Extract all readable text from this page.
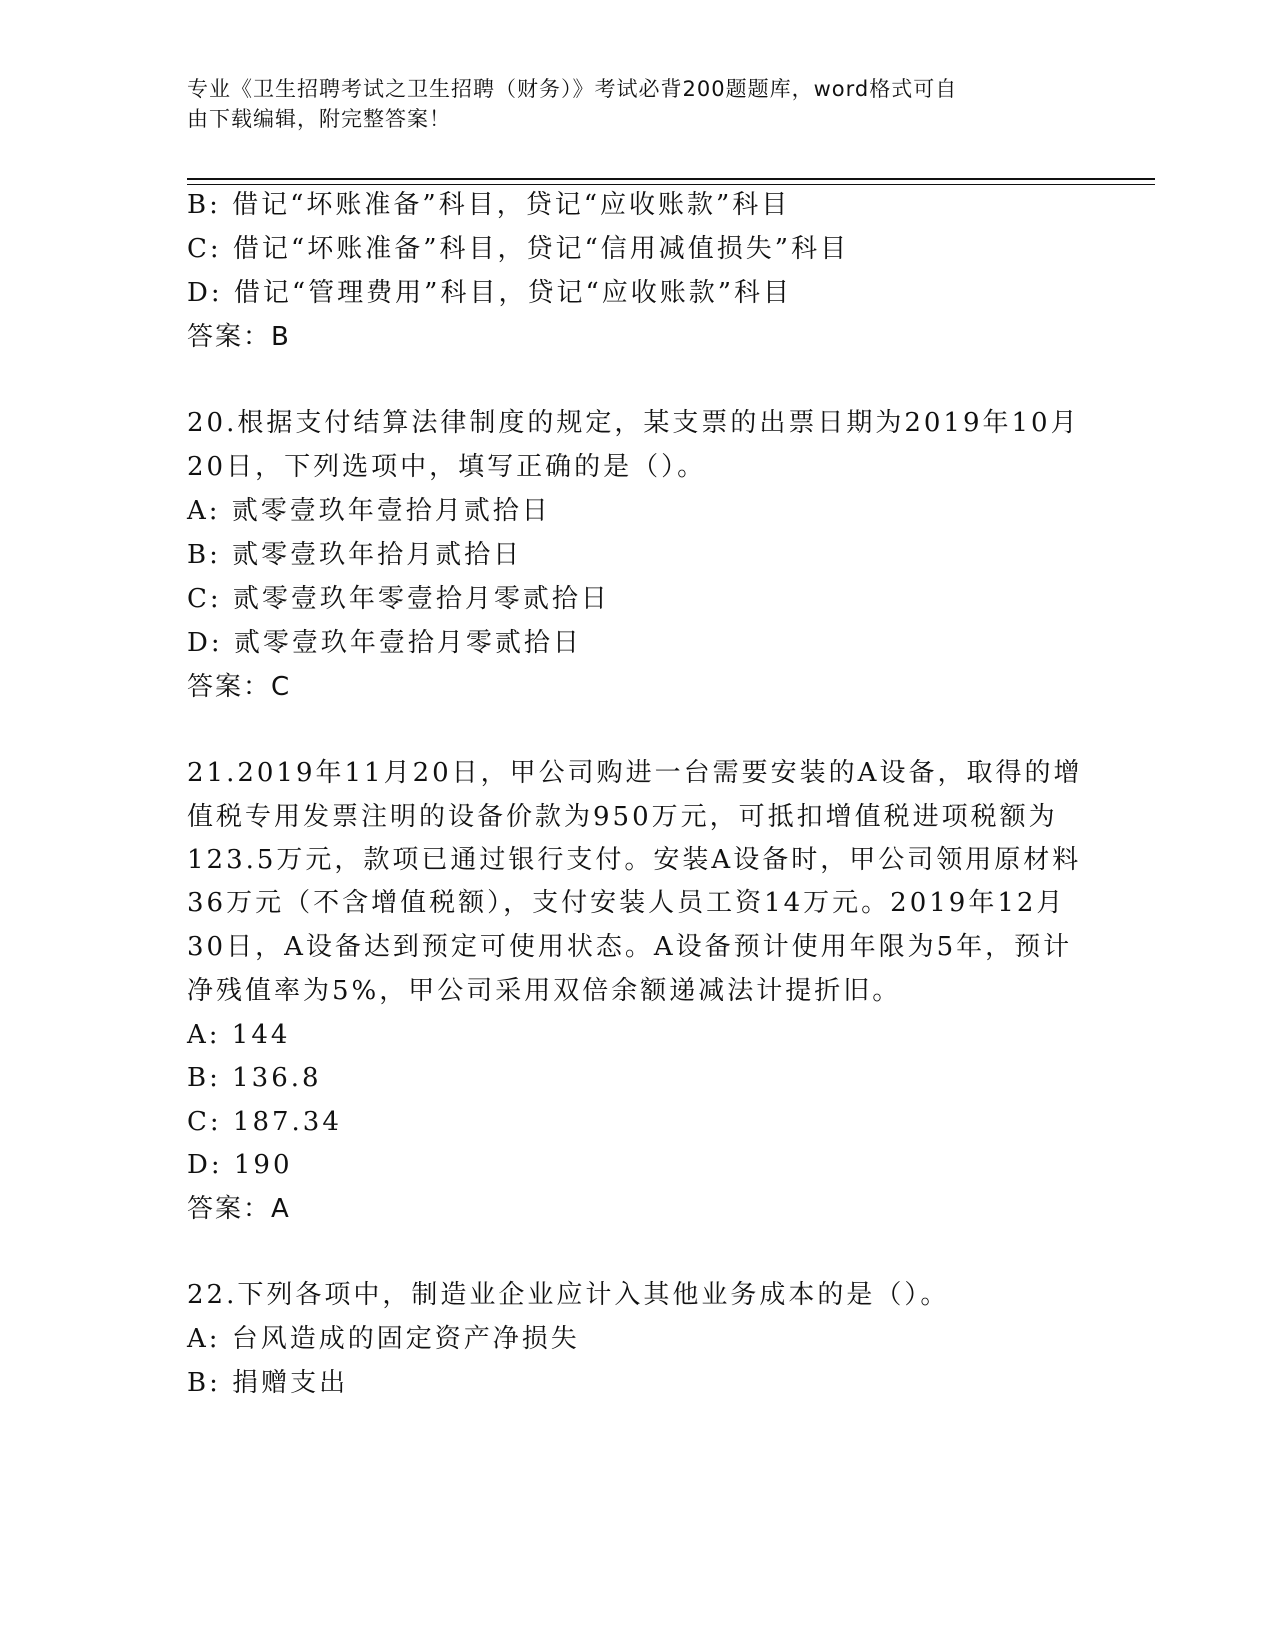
专业《卫生招聘考试之卫生招聘（财务）》考试必背200题题库，word格式可自
由下载编辑，附完整答案！
B: 借记“坏账准备”科目，贷记“应收账款”科目
C: 借记“坏账准备”科目，贷记“信用减值损失”科目
D: 借记“管理费用”科目，贷记“应收账款”科目
答案：B
20.根据支付结算法律制度的规定，某支票的出票日期为2019年10月
20日，下列选项中，填写正确的是（）。
A: 贰零壹玖年壹拾月贰拾日
B: 贰零壹玖年拾月贰拾日
C: 贰零壹玖年零壹拾月零贰拾日
D: 贰零壹玖年壹拾月零贰拾日
答案：C
21.2019年11月20日，甲公司购进一台需要安装的A设备，取得的增
值税专用发票注明的设备价款为950万元，可抵扣增值税进项税额为
123.5万元，款项已通过银行支付。安装A设备时，甲公司领用原材料
36万元（不含增值税额），支付安装人员工资14万元。2019年12月
30日，A设备达到预定可使用状态。A设备预计使用年限为5年，预计
净残值率为5%，甲公司采用双倍余额递减法计提折旧。
A: 144
B: 136.8
C: 187.34
D: 190
答案：A
22.下列各项中，制造业企业应计入其他业务成本的是（）。
A: 台风造成的固定资产净损失
B: 捐赠支出
